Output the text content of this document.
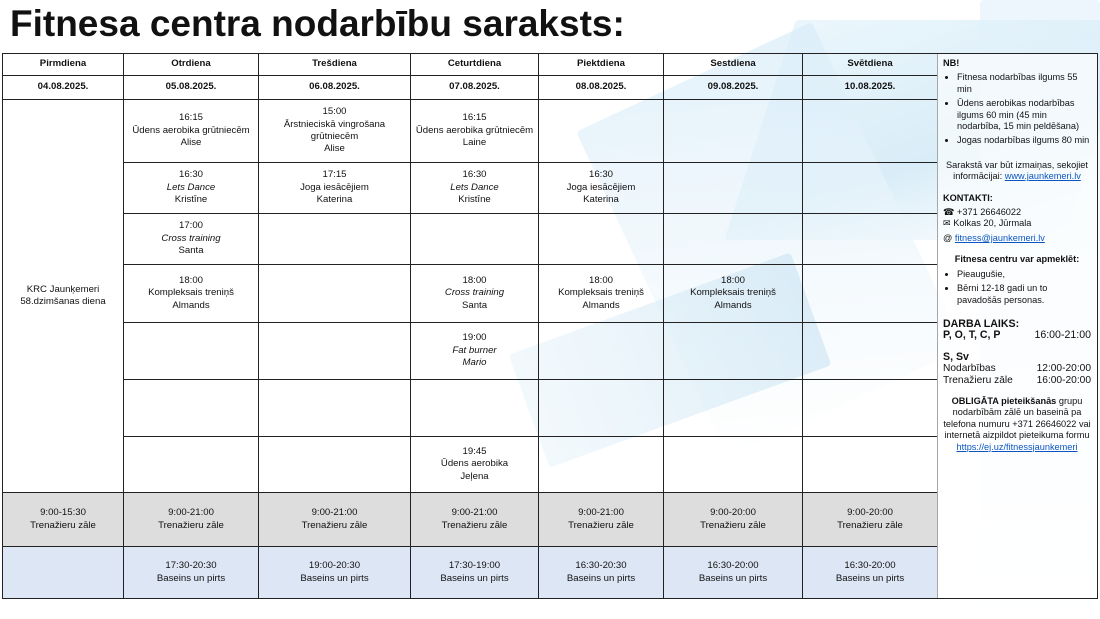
Fitnesa centra nodarbību saraksts:
Pirmdiena	Otrdiena	Trešdiena	Ceturtdiena	Piektdiena	Sestdiena	Svētdiena
04.08.2025.	05.08.2025.	06.08.2025.	07.08.2025.	08.08.2025.	09.08.2025.	10.08.2025.

KRC Jaunķemeri
58.dzimšanas diena	16:15
Ūdens aerobika grūtniecēm
Alise	15:00
Ārstnieciskā vingrošana grūtniecēm
Alise	16:15
Ūdens aerobika grūtniecēm
Laine			

	16:30
Lets Dance
Kristīne	17:15
Joga iesācējiem
Katerina	16:30
Lets Dance
Kristīne	16:30
Joga iesācējiem
Katerina		

	17:00
Cross training
Santa					

	18:00
Kompleksais treniņš
Almands		18:00
Cross training
Santa	18:00
Kompleksais treniņš
Almands	18:00
Kompleksais treniņš
Almands	

			19:00
Fat burner
Mario			

			19:45
Ūdens aerobika
Jeļena			

9:00-15:30
Trenažieru zāle	9:00-21:00
Trenažieru zāle	9:00-21:00
Trenažieru zāle	9:00-21:00
Trenažieru zāle	9:00-21:00
Trenažieru zāle	9:00-20:00
Trenažieru zāle	9:00-20:00
Trenažieru zāle

	17:30-20:30
Baseins un pirts	19:00-20:30
Baseins un pirts	17:30-19:00
Baseins un pirts	16:30-20:30
Baseins un pirts	16:30-20:00
Baseins un pirts	16:30-20:00
Baseins un pirts
NB!
• Fitnesa nodarbības ilgums 55 min
• Ūdens aerobikas nodarbības ilgums 60 min (45 min nodarbība, 15 min peldēšana)
• Jogas nodarbības ilgums 80 min
Sarakstā var būt izmaiņas, sekojiet informācijai: www.jaunkemeri.lv
KONTAKTI:
☎ +371 26646022
✉ Kolkas 20, Jūrmala
@ fitness@jaunkemeri.lv
Fitnesa centru var apmeklēt:
• Pieaugušie,
• Bērni 12-18 gadi un to pavadošās personas.
DARBA LAIKS:
P, O, T, C, P	16:00-21:00
S, Sv
Nodarbības	12:00-20:00
Trenažieru zāle 16:00-20:00
OBLIGĀTA pieteikšanās grupu nodarbībām zālē un baseinā pa telefona numuru +371 26646022 vai internetā aizpildot pieteikuma formu
https://ej.uz/fitnessjaunkemeri
